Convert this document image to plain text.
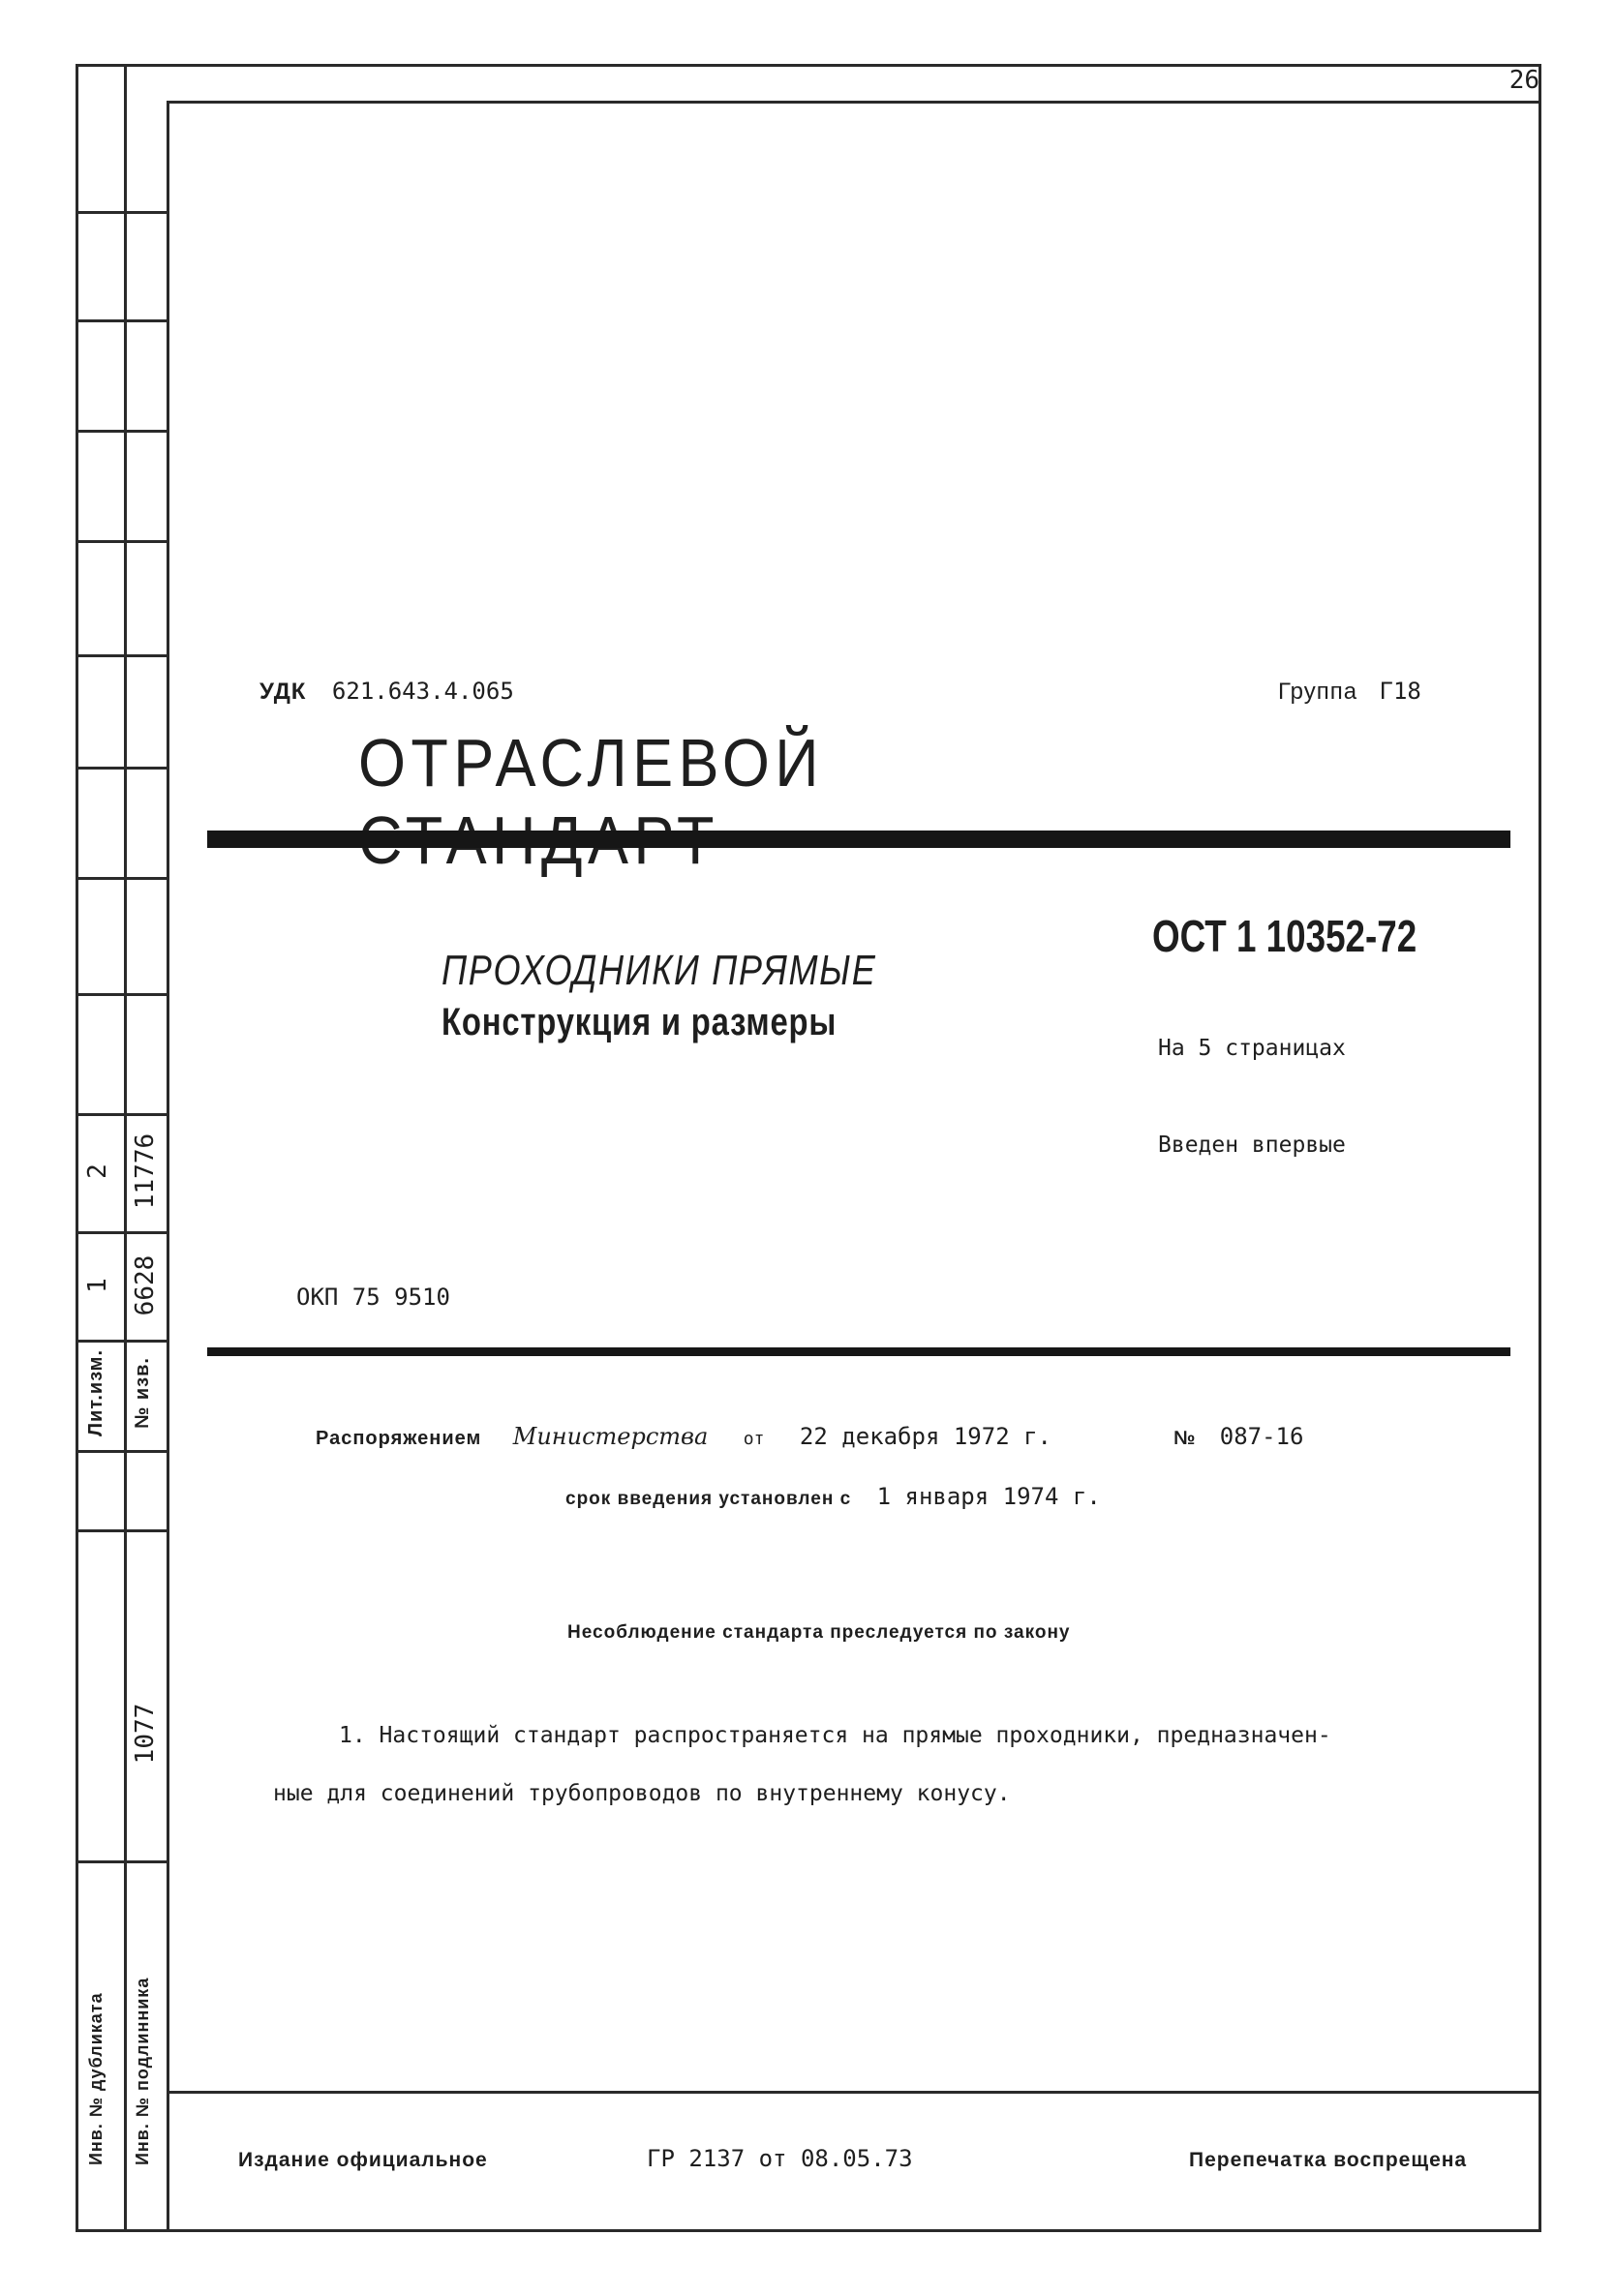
26
Лит.изм. № изв.
1
2
6628
11776
1077
Инв. № дубликата Инв. № подлинника
УДК 621.643.4.065	Группа Г18
ОТРАСЛЕВОЙ
ПРОХОДНИКИ ПРЯМЫЕ
Конструкция и размеры
ОСТ 1 10352-72
На 5 страницах
Введен впервые
ОКП 75 9510
Распоряжением Министерства от 22 декабря 1972 г.	№ 087-16
срок введения установлен с 1 января 1974 г.
Несоблюдение стандарта преследуется по закону
1. Настоящий стандарт распространяется на прямые проходники, предназначен-
ные для соединений трубопроводов по внутреннему конусу.
Издание официальное	ГР 2137 от 08.05.73	Перепечатка воспрещена
